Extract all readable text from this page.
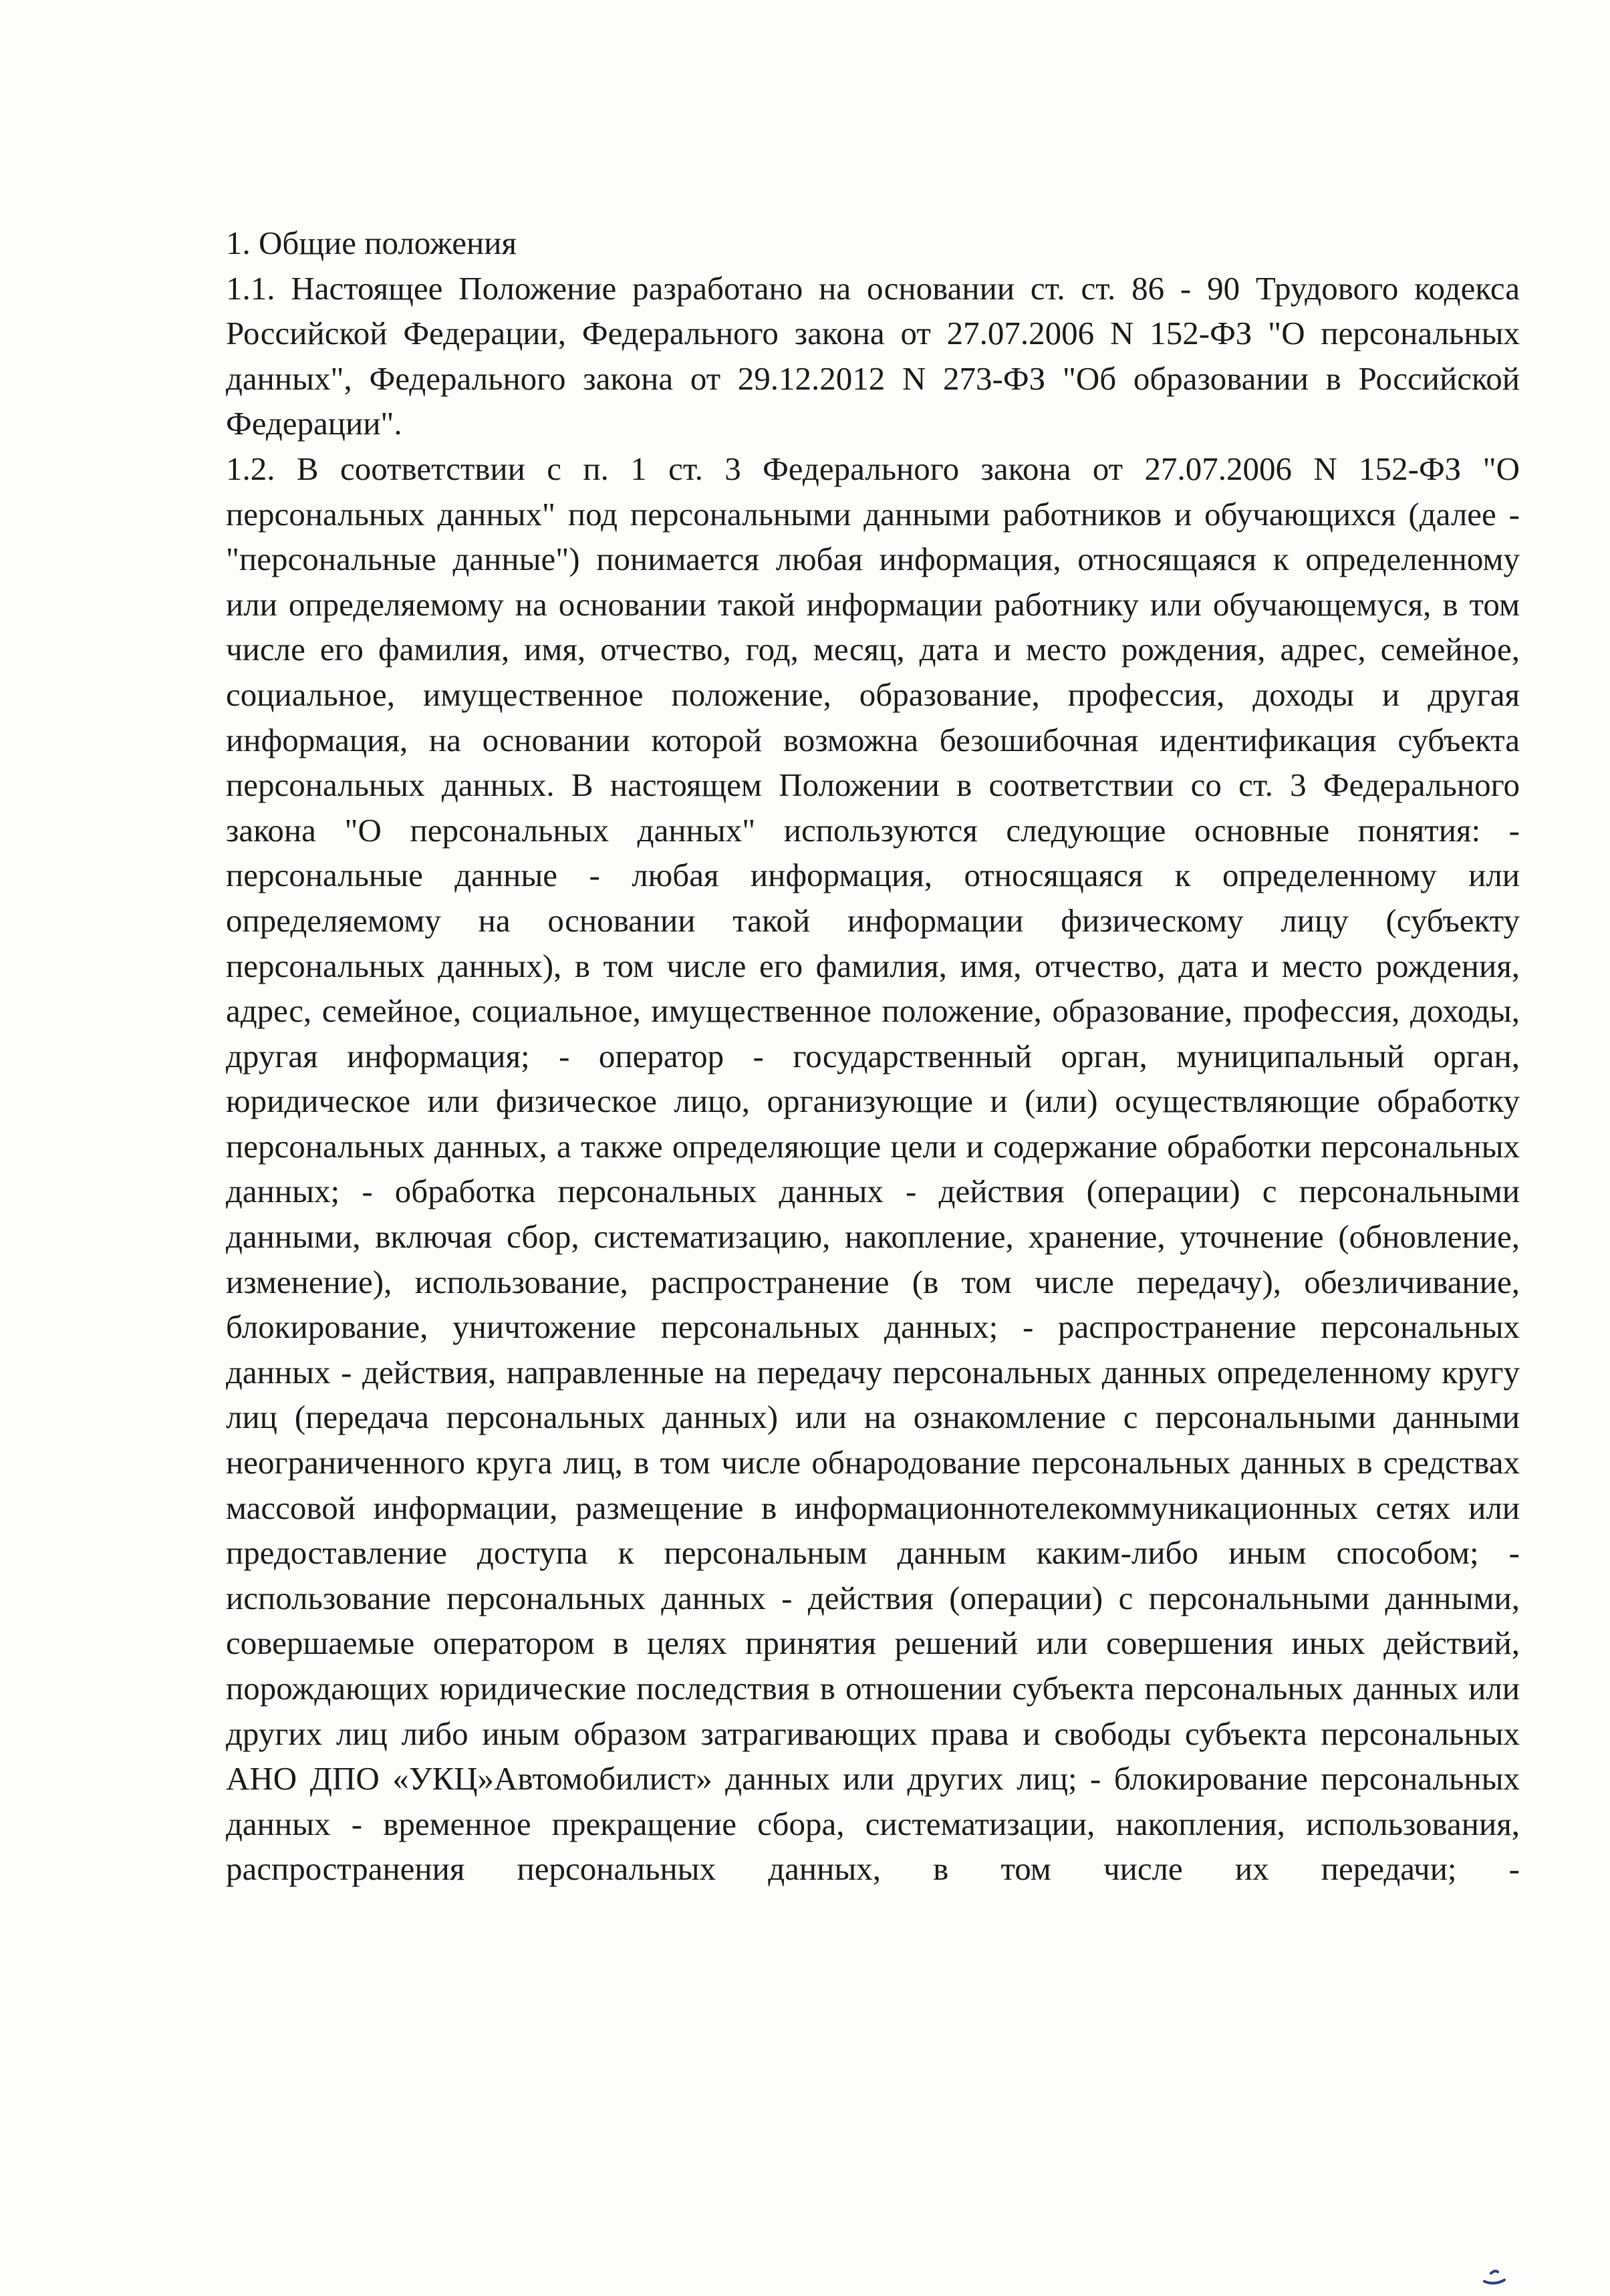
1. Общие положения

1.1. Настоящее Положение разработано на основании ст. ст. 86 - 90 Трудового кодекса Российской Федерации, Федерального закона от 27.07.2006 N 152-ФЗ "О персональных данных", Федерального закона от 29.12.2012 N 273-ФЗ "Об образовании в Российской Федерации".

1.2. В соответствии с п. 1 ст. 3 Федерального закона от 27.07.2006 N 152-ФЗ "О персональных данных" под персональными данными работников и обучающихся (далее - "персональные данные") понимается любая информация, относящаяся к определенному или определяемому на основании такой информации работнику или обучающемуся, в том числе его фамилия, имя, отчество, год, месяц, дата и место рождения, адрес, семейное, социальное, имущественное положение, образование, профессия, доходы и другая информация, на основании которой возможна безошибочная идентификация субъекта персональных данных. В настоящем Положении в соответствии со ст. 3 Федерального закона "О персональных данных" используются следующие основные понятия: - персональные данные - любая информация, относящаяся к определенному или определяемому на основании такой информации физическому лицу (субъекту персональных данных), в том числе его фамилия, имя, отчество, дата и место рождения, адрес, семейное, социальное, имущественное положение, образование, профессия, доходы, другая информация; - оператор - государственный орган, муниципальный орган, юридическое или физическое лицо, организующие и (или) осуществляющие обработку персональных данных, а также определяющие цели и содержание обработки персональных данных; - обработка персональных данных - действия (операции) с персональными данными, включая сбор, систематизацию, накопление, хранение, уточнение (обновление, изменение), использование, распространение (в том числе передачу), обезличивание, блокирование, уничтожение персональных данных; - распространение персональных данных - действия, направленные на передачу персональных данных определенному кругу лиц (передача персональных данных) или на ознакомление с персональными данными неограниченного круга лиц, в том числе обнародование персональных данных в средствах массовой информации, размещение в информационнотелекоммуникационных сетях или предоставление доступа к персональным данным каким-либо иным способом; - использование персональных данных - действия (операции) с персональными данными, совершаемые оператором в целях принятия решений или совершения иных действий, порождающих юридические последствия в отношении субъекта персональных данных или других лиц либо иным образом затрагивающих права и свободы субъекта персональных АНО ДПО «УКЦ»Автомобилист» данных или других лиц; - блокирование персональных данных - временное прекращение сбора, систематизации, накопления, использования, распространения персональных данных, в том числе их передачи; -
